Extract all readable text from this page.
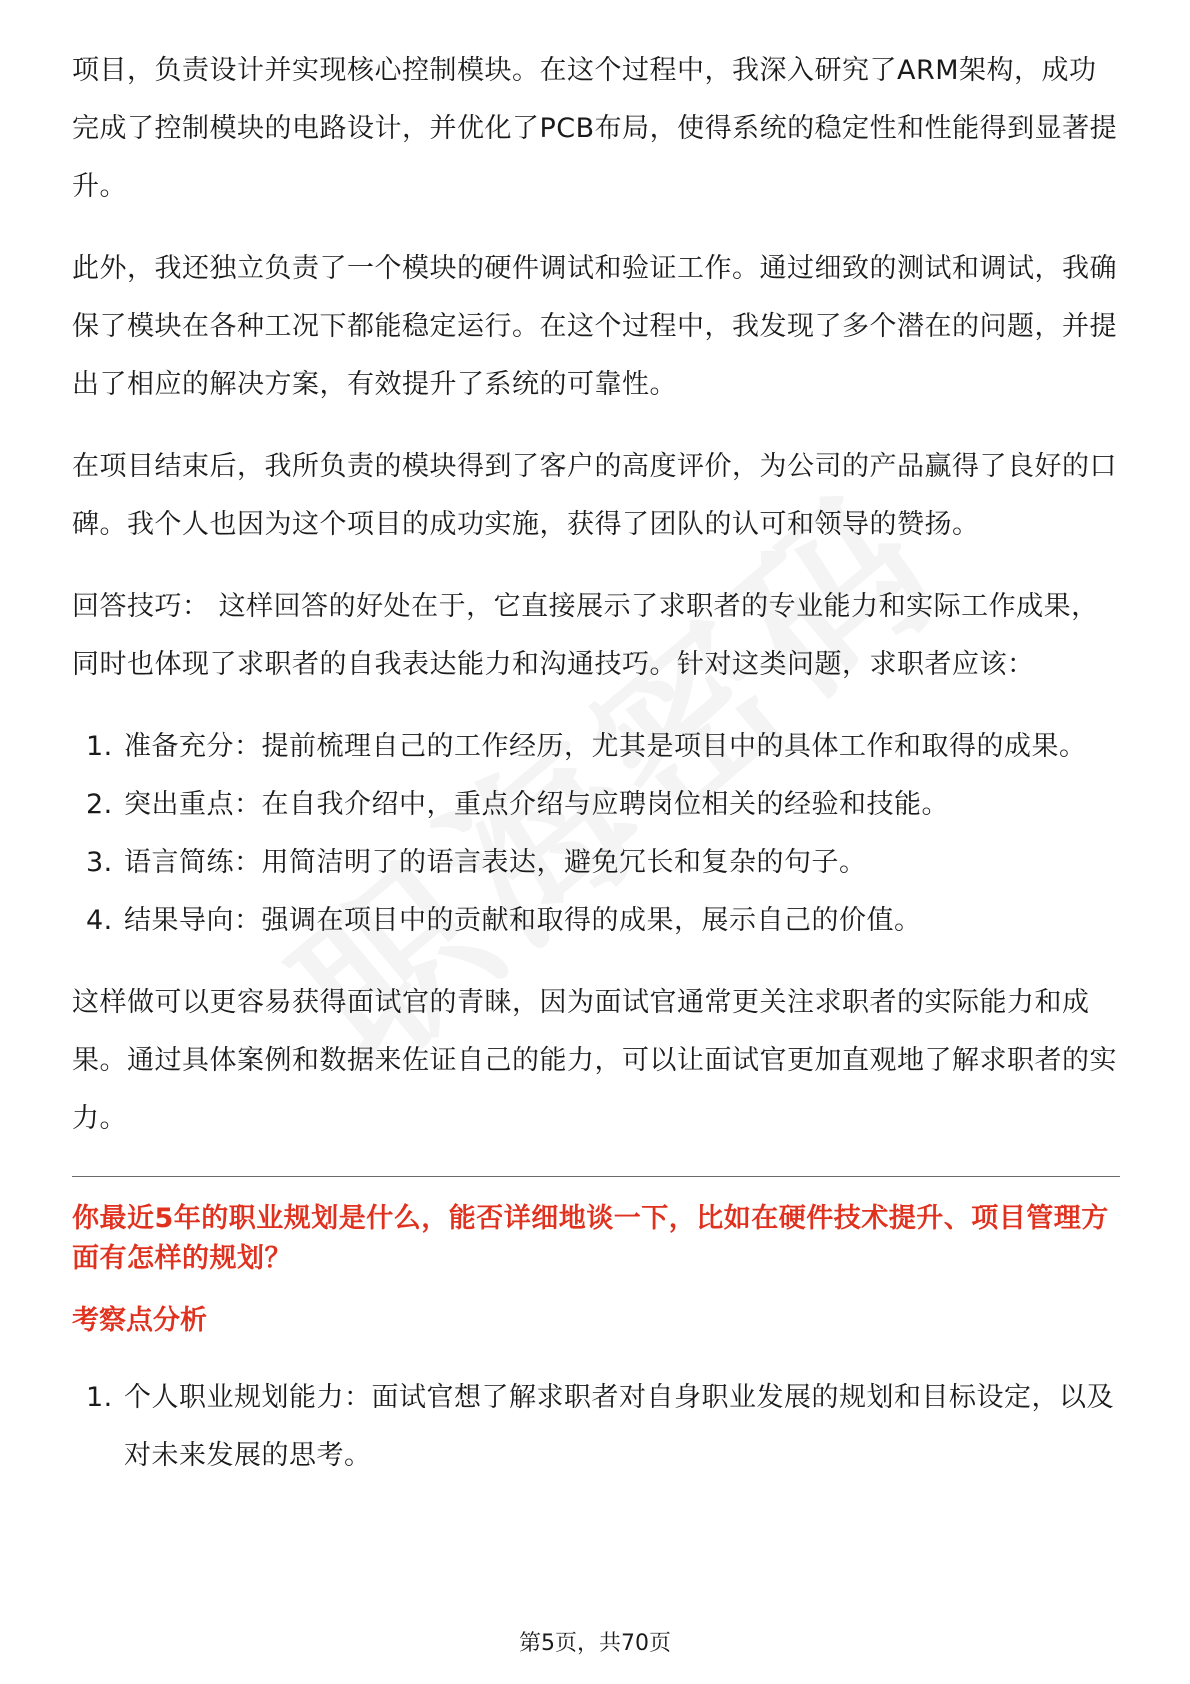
项目，负责设计并实现核心控制模块。在这个过程中，我深入研究了ARM架构，成功完成了控制模块的电路设计，并优化了PCB布局，使得系统的稳定性和性能得到显著提升。

此外，我还独立负责了一个模块的硬件调试和验证工作。通过细致的测试和调试，我确保了模块在各种工况下都能稳定运行。在这个过程中，我发现了多个潜在的问题，并提出了相应的解决方案，有效提升了系统的可靠性。

在项目结束后，我所负责的模块得到了客户的高度评价，为公司的产品赢得了良好的口碑。我个人也因为这个项目的成功实施，获得了团队的认可和领导的赞扬。

回答技巧： 这样回答的好处在于，它直接展示了求职者的专业能力和实际工作成果，同时也体现了求职者的自我表达能力和沟通技巧。针对这类问题，求职者应该：

1. 准备充分：提前梳理自己的工作经历，尤其是项目中的具体工作和取得的成果。
2. 突出重点：在自我介绍中，重点介绍与应聘岗位相关的经验和技能。
3. 语言简练：用简洁明了的语言表达，避免冗长和复杂的句子。
4. 结果导向：强调在项目中的贡献和取得的成果，展示自己的价值。

这样做可以更容易获得面试官的青睐，因为面试官通常更关注求职者的实际能力和成果。通过具体案例和数据来佐证自己的能力，可以让面试官更加直观地了解求职者的实力。

你最近5年的职业规划是什么，能否详细地谈一下，比如在硬件技术提升、项目管理方面有怎样的规划？

考察点分析

1. 个人职业规划能力：面试官想了解求职者对自身职业发展的规划和目标设定，以及对未来发展的思考。
第5页，共70页
